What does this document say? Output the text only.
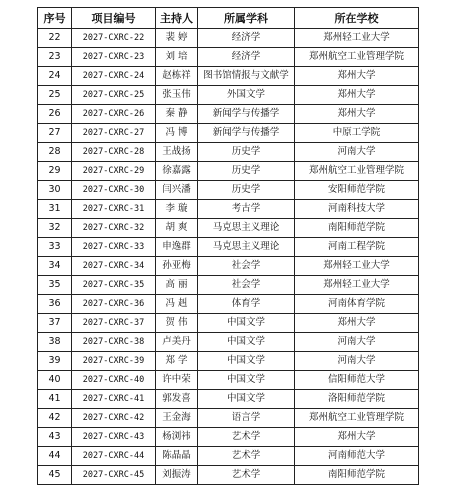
序号	项目编号	主持人	所属学科	所在学校
22	2027-CXRC-22	裴 婷	经济学	郑州轻工业大学
23	2027-CXRC-23	刘 培	经济学	郑州航空工业管理学院
24	2027-CXRC-24	赵栋祥	图书馆情报与文献学	郑州大学
25	2027-CXRC-25	张玉伟	外国文学	郑州大学
26	2027-CXRC-26	秦 静	新闻学与传播学	郑州大学
27	2027-CXRC-27	冯 博	新闻学与传播学	中原工学院
28	2027-CXRC-28	王战扬	历史学	河南大学
29	2027-CXRC-29	徐嘉露	历史学	郑州航空工业管理学院
30	2027-CXRC-30	闫兴潘	历史学	安阳师范学院
31	2027-CXRC-31	李 璇	考古学	河南科技大学
32	2027-CXRC-32	胡 爽	马克思主义理论	南阳师范学院
33	2027-CXRC-33	申逸群	马克思主义理论	河南工程学院
34	2027-CXRC-34	孙亚梅	社会学	郑州轻工业大学
35	2027-CXRC-35	高 丽	社会学	郑州轻工业大学
36	2027-CXRC-36	冯 赳	体育学	河南体育学院
37	2027-CXRC-37	贺 伟	中国文学	郑州大学
38	2027-CXRC-38	卢美丹	中国文学	河南大学
39	2027-CXRC-39	郑 学	中国文学	河南大学
40	2027-CXRC-40	许中荣	中国文学	信阳师范大学
41	2027-CXRC-41	郭发喜	中国文学	洛阳师范学院
42	2027-CXRC-42	王金海	语言学	郑州航空工业管理学院
43	2027-CXRC-43	杨浏祎	艺术学	郑州大学
44	2027-CXRC-44	陈晶晶	艺术学	河南师范大学
45	2027-CXRC-45	刘振涛	艺术学	南阳师范学院
